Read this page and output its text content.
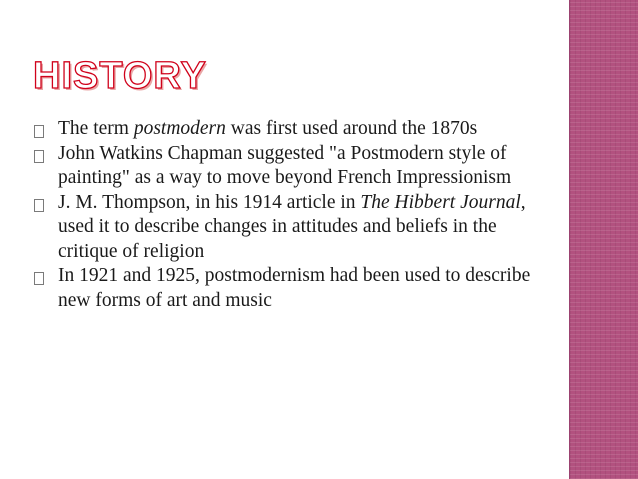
HISTORY
The term postmodern was first used around the 1870s
John Watkins Chapman suggested "a Postmodern style of painting" as a way to move beyond French Impressionism
J. M. Thompson, in his 1914 article in The Hibbert Journal, used it to describe changes in attitudes and beliefs in the critique of religion
In 1921 and 1925, postmodernism had been used to describe new forms of art and music
